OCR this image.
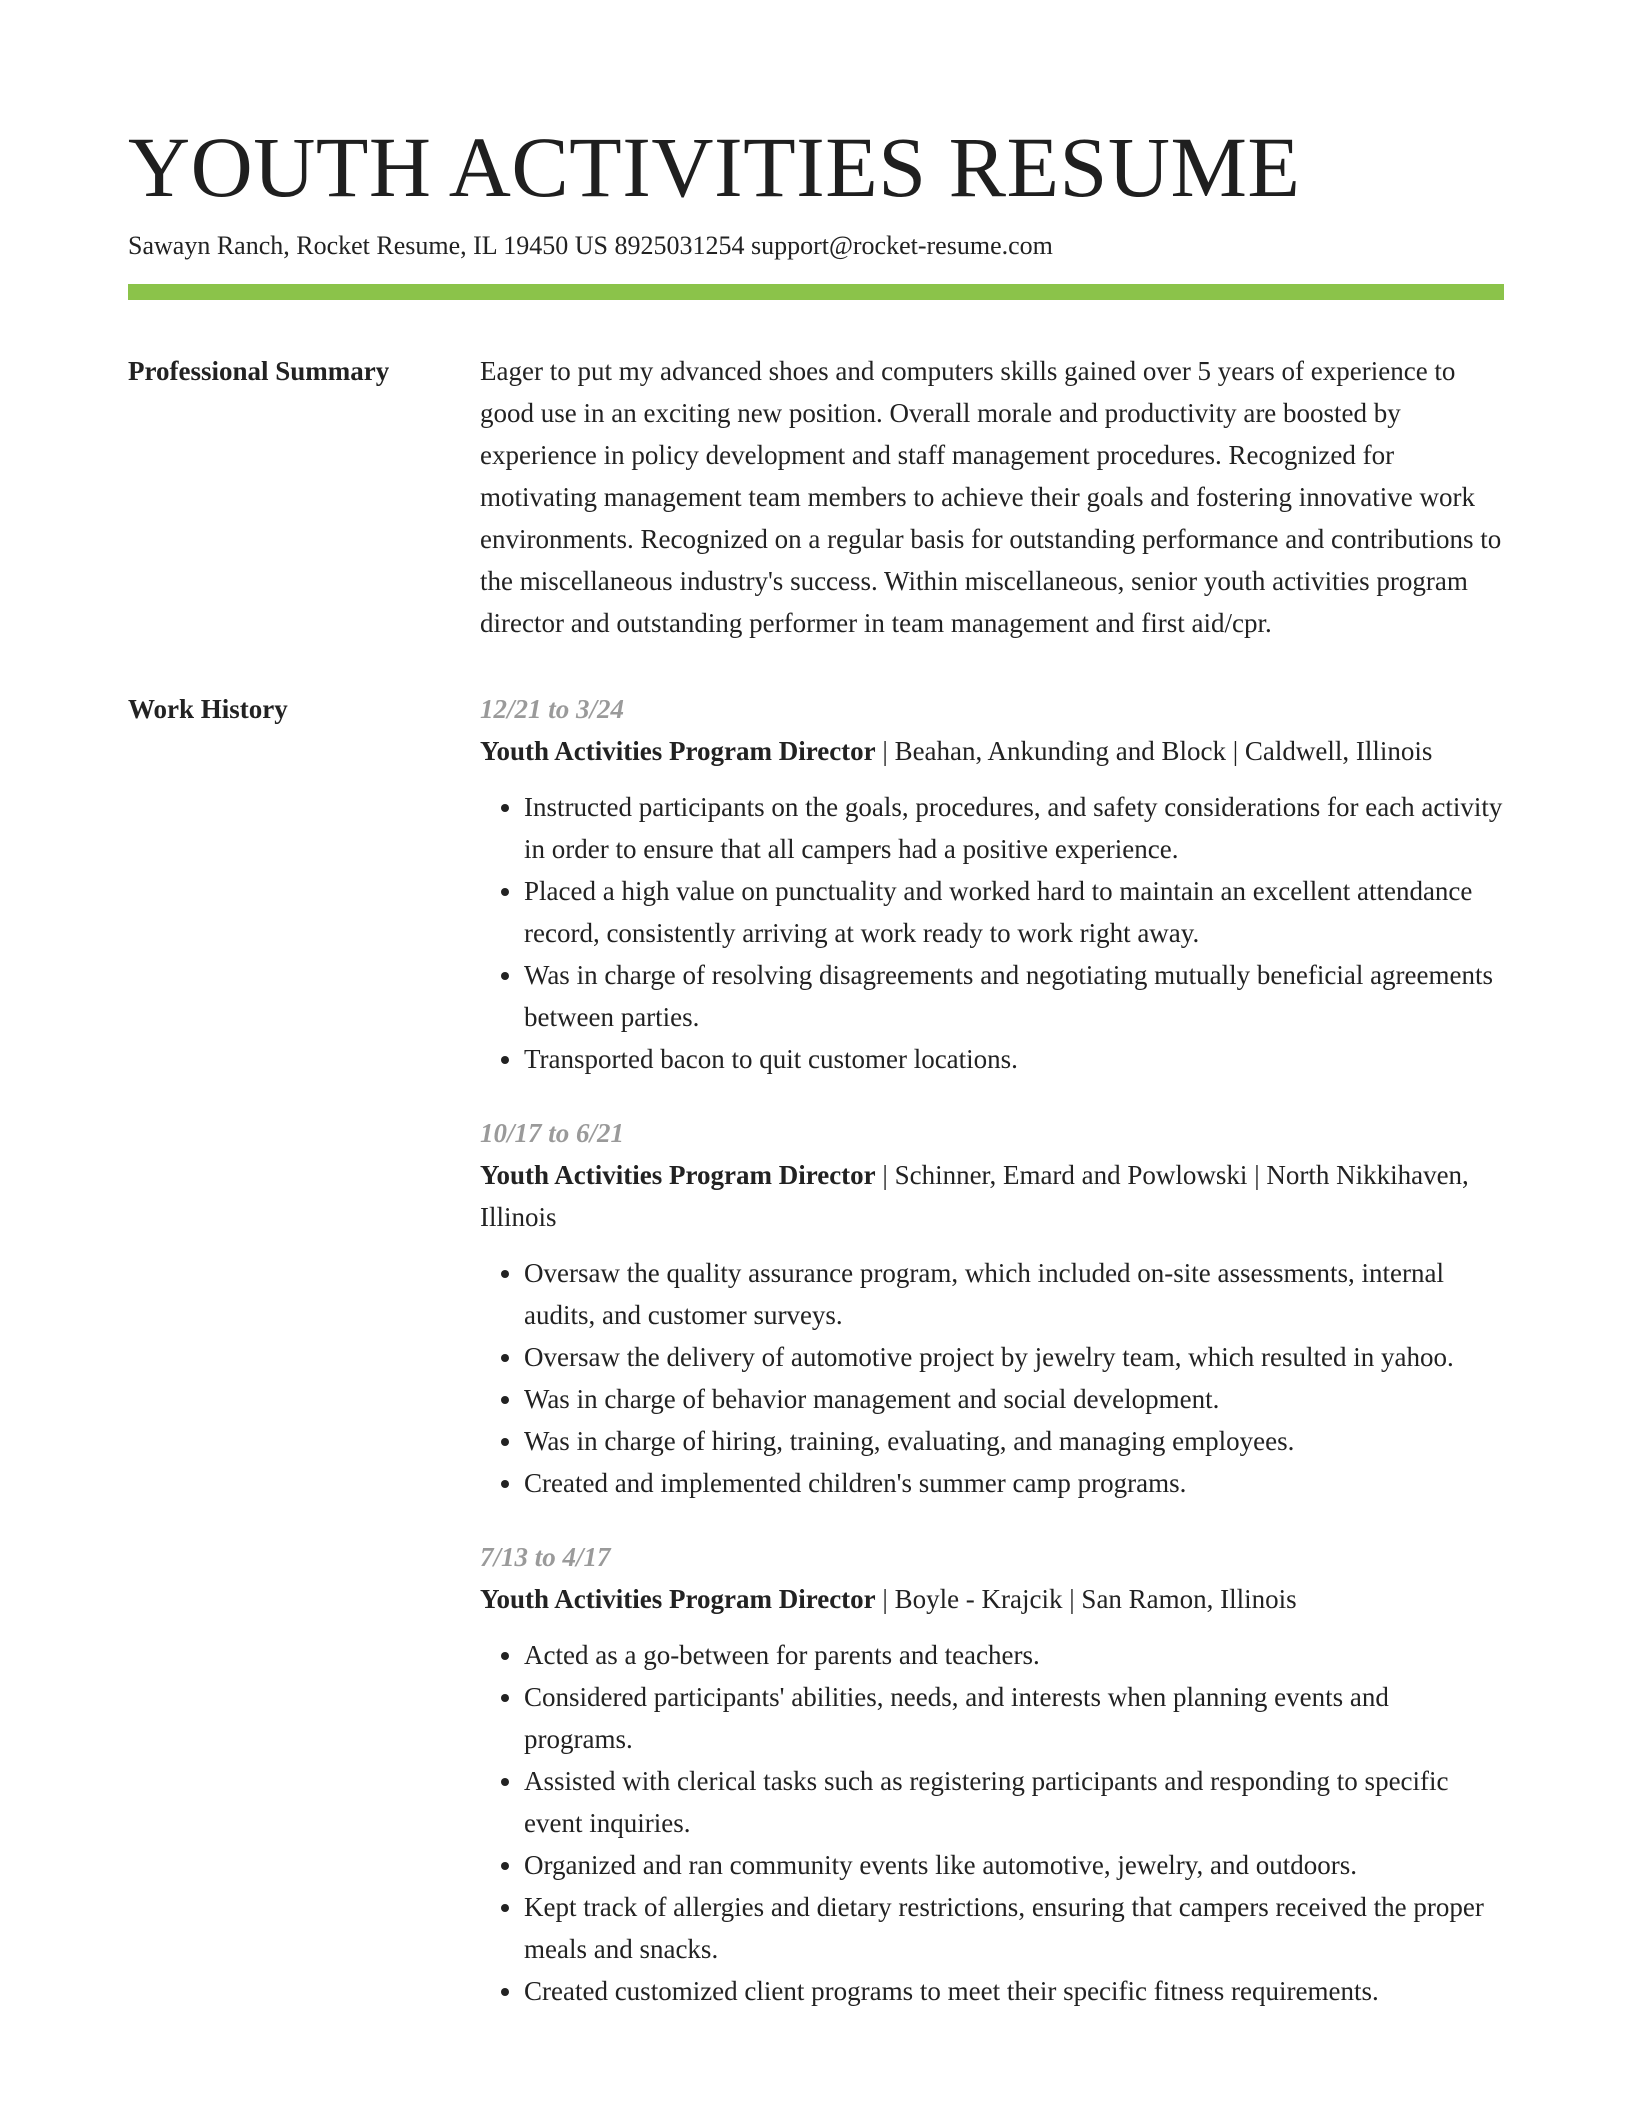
YOUTH ACTIVITIES RESUME
Sawayn Ranch, Rocket Resume, IL 19450 US 8925031254 support@rocket-resume.com
Professional Summary	Eager to put my advanced shoes and computers skills gained over 5 years of experience to good use in an exciting new position. Overall morale and productivity are boosted by experience in policy development and staff management procedures. Recognized for motivating management team members to achieve their goals and fostering innovative work environments. Recognized on a regular basis for outstanding performance and contributions to the miscellaneous industry's success. Within miscellaneous, senior youth activities program director and outstanding performer in team management and first aid/cpr.

Work History	12/21 to 3/24
Youth Activities Program Director | Beahan, Ankunding and Block | Caldwell, Illinois
• Instructed participants on the goals, procedures, and safety considerations for each activity in order to ensure that all campers had a positive experience.
• Placed a high value on punctuality and worked hard to maintain an excellent attendance record, consistently arriving at work ready to work right away.
• Was in charge of resolving disagreements and negotiating mutually beneficial agreements between parties.
• Transported bacon to quit customer locations.
10/17 to 6/21
Youth Activities Program Director | Schinner, Emard and Powlowski | North Nikkihaven, Illinois
• Oversaw the quality assurance program, which included on-site assessments, internal audits, and customer surveys.
• Oversaw the delivery of automotive project by jewelry team, which resulted in yahoo.
• Was in charge of behavior management and social development.
• Was in charge of hiring, training, evaluating, and managing employees.
• Created and implemented children's summer camp programs.
7/13 to 4/17
Youth Activities Program Director | Boyle - Krajcik | San Ramon, Illinois
• Acted as a go-between for parents and teachers.
• Considered participants' abilities, needs, and interests when planning events and programs.
• Assisted with clerical tasks such as registering participants and responding to specific event inquiries.
• Organized and ran community events like automotive, jewelry, and outdoors.
• Kept track of allergies and dietary restrictions, ensuring that campers received the proper meals and snacks.
• Created customized client programs to meet their specific fitness requirements.
